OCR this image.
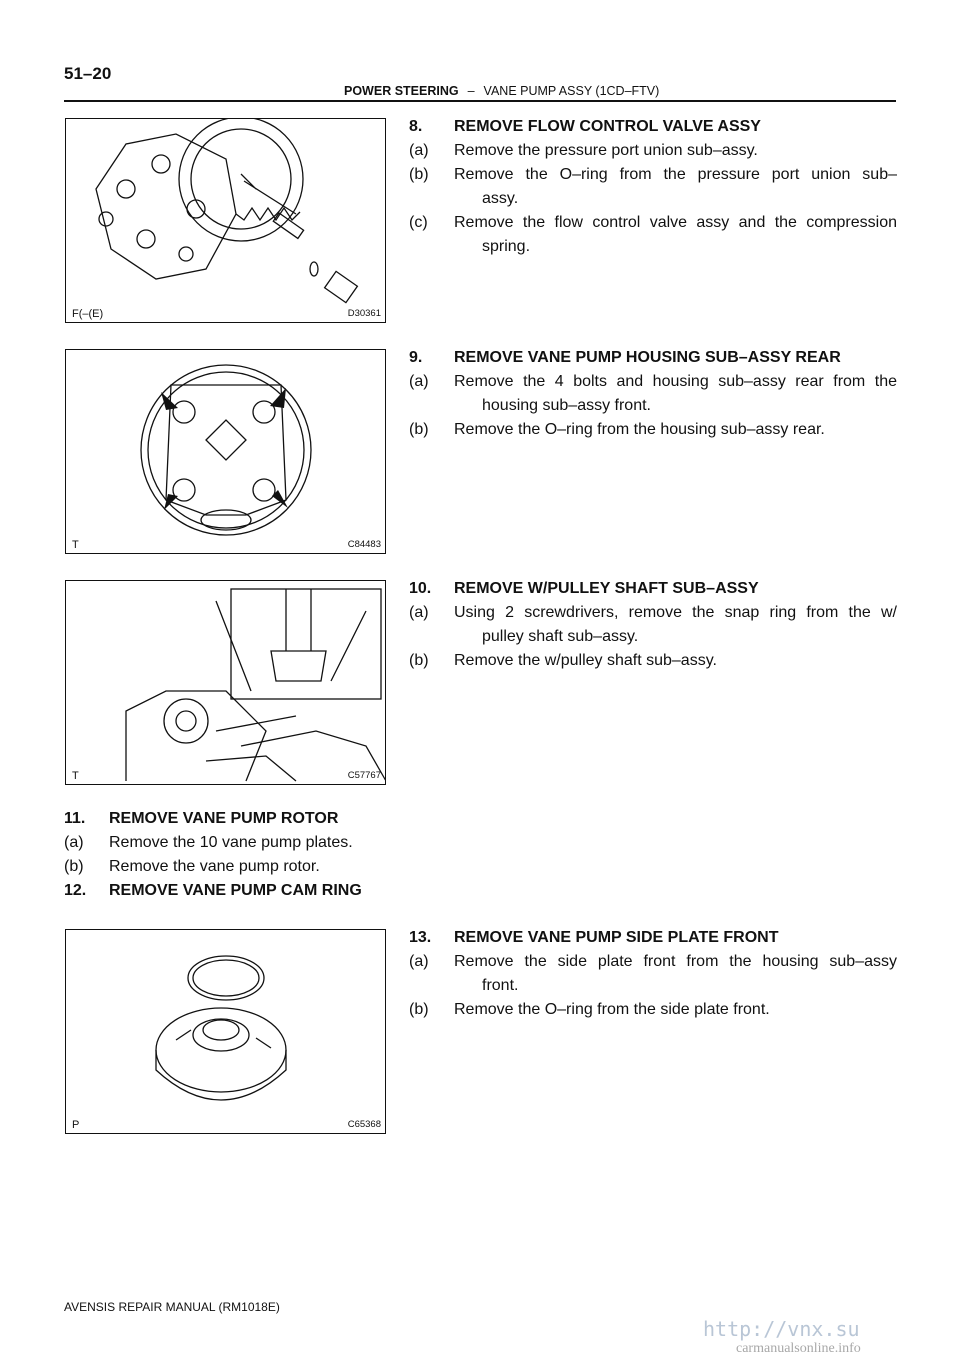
51–20
POWER STEERING – VANE PUMP ASSY (1CD–FTV)
F(–(E)	D30361
T	C84483
T	C57767
P	C65368
8. REMOVE FLOW CONTROL VALVE ASSY
(a) Remove the pressure port union sub–assy.
(b) Remove the O–ring from the pressure port union sub–
assy.
(c) Remove the flow control valve assy and the compression
spring.
9. REMOVE VANE PUMP HOUSING SUB–ASSY REAR
(a) Remove the 4 bolts and housing sub–assy rear from the
housing sub–assy front.
(b) Remove the O–ring from the housing sub–assy rear.
10. REMOVE W/PULLEY SHAFT SUB–ASSY
(a) Using 2 screwdrivers, remove the snap ring from the w/
pulley shaft sub–assy.
(b) Remove the w/pulley shaft sub–assy.
11. REMOVE VANE PUMP ROTOR
(a) Remove the 10 vane pump plates.
(b) Remove the vane pump rotor.
12. REMOVE VANE PUMP CAM RING
13. REMOVE VANE PUMP SIDE PLATE FRONT
(a) Remove the side plate front from the housing sub–assy
front.
(b) Remove the O–ring from the side plate front.
AVENSIS REPAIR MANUAL (RM1018E)
http://vnx.su
carmanualsonline.info
